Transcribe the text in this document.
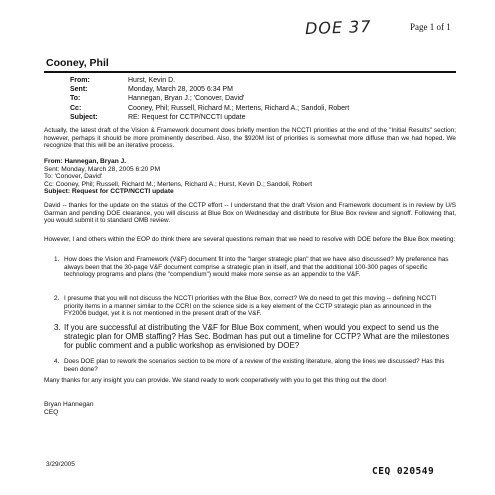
DOE 37	Page 1 of 1
Cooney, Phil
From:	Hurst, Kevin D.
Sent:	Monday, March 28, 2005 6:34 PM
To:	Hannegan, Bryan J.; 'Conover, David'
Cc:	Cooney, Phil; Russell, Richard M.; Mertens, Richard A.; Sandoli, Robert
Subject:	RE: Request for CCTP/NCCTI update
Actually, the latest draft of the Vision & Framework document does briefly mention the NCCTI priorities at the end of the "Initial Results" section; however, perhaps it should be more prominently described. Also, the $920M list of priorities is somewhat more diffuse than we had hoped. We recognize that this will be an iterative process.
From: Hannegan, Bryan J.
Sent: Monday, March 28, 2005 6:20 PM
To: 'Conover, David'
Cc: Cooney, Phil; Russell, Richard M.; Mertens, Richard A.; Hurst, Kevin D.; Sandoli, Robert
Subject: Request for CCTP/NCCTI update
David -- thanks for the update on the status of the CCTP effort -- I understand that the draft Vision and Framework document is in review by U/S Garman and pending DOE clearance, you will discuss at Blue Box on Wednesday and distribute for Blue Box review and signoff. Following that, you would submit it to standard OMB review.
However, I and others within the EOP do think there are several questions remain that we need to resolve with DOE before the Blue Box meeting:
1. How does the Vision and Framework (V&F) document fit into the "larger strategic plan" that we have also discussed? My preference has always been that the 30-page V&F document comprise a strategic plan in itself, and that the additional 100-300 pages of specific technology programs and plans (the "compendium") would make more sense as an appendix to the V&F.
2. I presume that you will not discuss the NCCTI priorities with the Blue Box, correct? We do need to get this moving -- defining NCCTI priority items in a manner similar to the CCRI on the science side is a key element of the CCTP strategic plan as announced in the FY2006 budget, yet it is not mentioned in the present draft of the V&F.
3. If you are successful at distributing the V&F for Blue Box comment, when would you expect to send us the strategic plan for OMB staffing? Has Sec. Bodman has put out a timeline for CCTP? What are the milestones for public comment and a public workshop as envisioned by DOE?
4. Does DOE plan to rework the scenarios section to be more of a review of the existing literature, along the lines we discussed? Has this been done?
Many thanks for any insight you can provide. We stand ready to work cooperatively with you to get this thing out the door!
Bryan Hannegan
CEQ
3/29/2005
CEQ 020549
